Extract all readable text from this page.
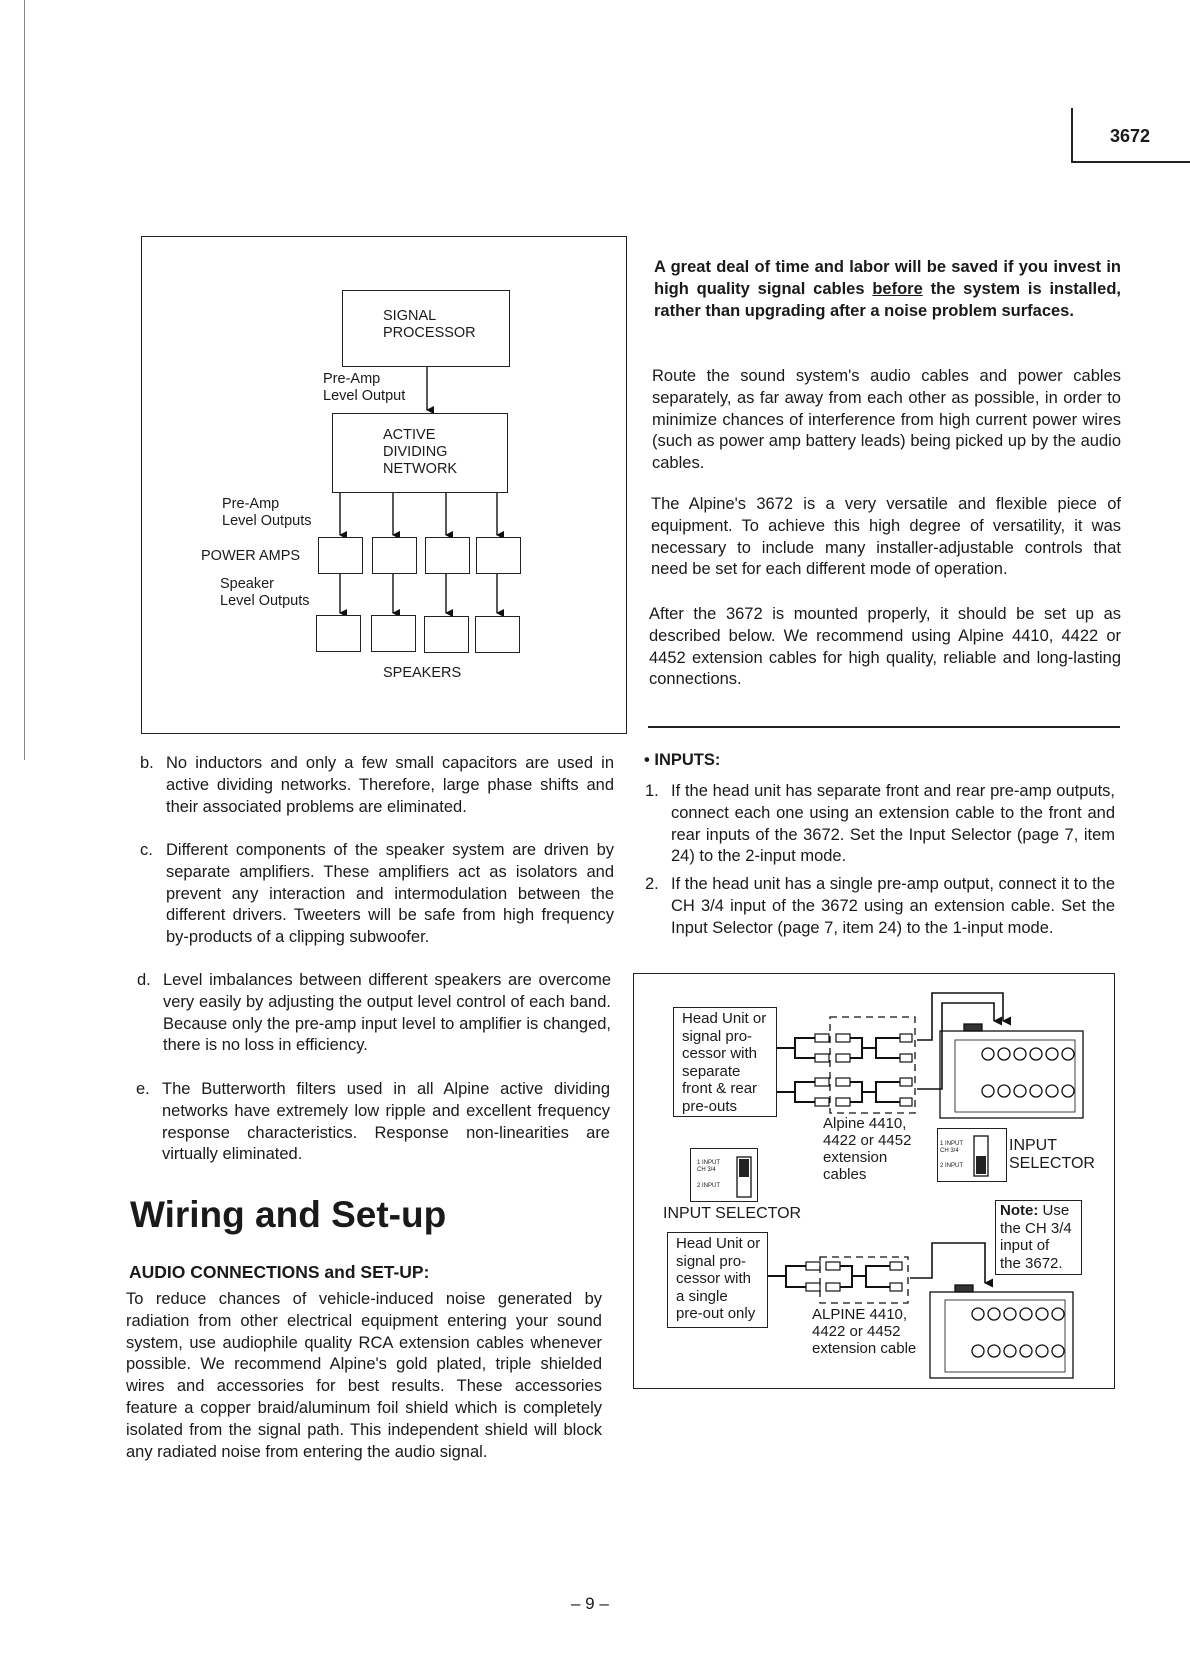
3672
SIGNAL
PROCESSOR
Pre-Amp
Level Output
ACTIVE
DIVIDING
NETWORK
Pre-Amp
Level Outputs
POWER AMPS
Speaker
Level Outputs
SPEAKERS
A great deal of time and labor will be saved if you invest in high quality signal cables before the system is installed, rather than upgrading after a noise problem surfaces.
Route the sound system's audio cables and power cables separately, as far away from each other as possible, in order to minimize chances of interference from high current power wires (such as power amp battery leads) being picked up by the audio cables.
The Alpine's 3672 is a very versatile and flexible piece of equipment. To achieve this high degree of versatility, it was necessary to include many installer-adjustable controls that need be set for each different mode of operation.
After the 3672 is mounted properly, it should be set up as described below. We recommend using Alpine 4410, 4422 or 4452 extension cables for high quality, reliable and long-lasting connections.
• INPUTS:
1. If the head unit has separate front and rear pre-amp outputs, connect each one using an extension cable to the front and rear inputs of the 3672. Set the Input Selector (page 7, item 24) to the 2-input mode.
2. If the head unit has a single pre-amp output, connect it to the CH 3/4 input of the 3672 using an extension cable. Set the Input Selector (page 7, item 24) to the 1-input mode.
Head Unit or
signal pro-
cessor with
separate
front & rear
pre-outs
Alpine 4410,
4422 or 4452
extension
cables
1 INPUT CH 3/4
2 INPUT
INPUT
SELECTOR
1 INPUT CH 3/4
2 INPUT
INPUT SELECTOR
Head Unit or
signal pro-
cessor with
a single
pre-out only	ALPINE 4410,
4422 or 4452
extension cable
Note: Use
the CH 3/4
input of
the 3672.
b. No inductors and only a few small capacitors are used in active dividing networks. Therefore, large phase shifts and their associated problems are eliminated.
c. Different components of the speaker system are driven by separate amplifiers. These amplifiers act as isolators and prevent any interaction and intermodulation between the different drivers. Tweeters will be safe from high frequency by-products of a clipping subwoofer.
d. Level imbalances between different speakers are overcome very easily by adjusting the output level control of each band. Because only the pre-amp input level to amplifier is changed, there is no loss in efficiency.
e. The Butterworth filters used in all Alpine active dividing networks have extremely low ripple and excellent frequency response characteristics. Response non-linearities are virtually eliminated.
Wiring and Set-up
AUDIO CONNECTIONS and SET-UP:
To reduce chances of vehicle-induced noise generated by radiation from other electrical equipment entering your sound system, use audiophile quality RCA extension cables whenever possible. We recommend Alpine's gold plated, triple shielded wires and accessories for best results. These accessories feature a copper braid/aluminum foil shield which is completely isolated from the signal path. This independent shield will block any radiated noise from entering the audio signal.
– 9 –
